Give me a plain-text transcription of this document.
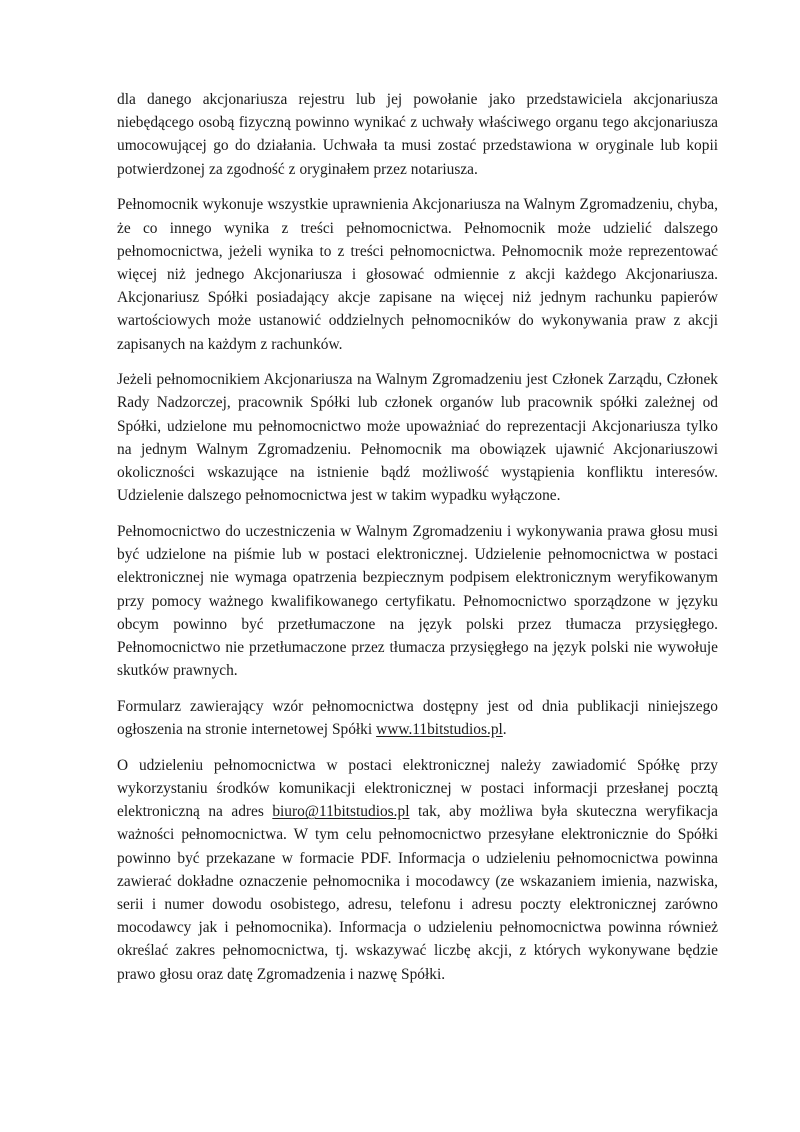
dla danego akcjonariusza rejestru lub jej powołanie jako przedstawiciela akcjonariusza niebędącego osobą fizyczną powinno wynikać z uchwały właściwego organu tego akcjonariusza umocowującej go do działania. Uchwała ta musi zostać przedstawiona w oryginale lub kopii potwierdzonej za zgodność z oryginałem przez notariusza.

Pełnomocnik wykonuje wszystkie uprawnienia Akcjonariusza na Walnym Zgromadzeniu, chyba, że co innego wynika z treści pełnomocnictwa. Pełnomocnik może udzielić dalszego pełnomocnictwa, jeżeli wynika to z treści pełnomocnictwa. Pełnomocnik może reprezentować więcej niż jednego Akcjonariusza i głosować odmiennie z akcji każdego Akcjonariusza. Akcjonariusz Spółki posiadający akcje zapisane na więcej niż jednym rachunku papierów wartościowych może ustanowić oddzielnych pełnomocników do wykonywania praw z akcji zapisanych na każdym z rachunków.

Jeżeli pełnomocnikiem Akcjonariusza na Walnym Zgromadzeniu jest Członek Zarządu, Członek Rady Nadzorczej, pracownik Spółki lub członek organów lub pracownik spółki zależnej od Spółki, udzielone mu pełnomocnictwo może upoważniać do reprezentacji Akcjonariusza tylko na jednym Walnym Zgromadzeniu. Pełnomocnik ma obowiązek ujawnić Akcjonariuszowi okoliczności wskazujące na istnienie bądź możliwość wystąpienia konfliktu interesów. Udzielenie dalszego pełnomocnictwa jest w takim wypadku wyłączone.

Pełnomocnictwo do uczestniczenia w Walnym Zgromadzeniu i wykonywania prawa głosu musi być udzielone na piśmie lub w postaci elektronicznej. Udzielenie pełnomocnictwa w postaci elektronicznej nie wymaga opatrzenia bezpiecznym podpisem elektronicznym weryfikowanym przy pomocy ważnego kwalifikowanego certyfikatu. Pełnomocnictwo sporządzone w języku obcym powinno być przetłumaczone na język polski przez tłumacza przysięgłego. Pełnomocnictwo nie przetłumaczone przez tłumacza przysięgłego na język polski nie wywołuje skutków prawnych.

Formularz zawierający wzór pełnomocnictwa dostępny jest od dnia publikacji niniejszego ogłoszenia na stronie internetowej Spółki www.11bitstudios.pl.

O udzieleniu pełnomocnictwa w postaci elektronicznej należy zawiadomić Spółkę przy wykorzystaniu środków komunikacji elektronicznej w postaci informacji przesłanej pocztą elektroniczną na adres biuro@11bitstudios.pl tak, aby możliwa była skuteczna weryfikacja ważności pełnomocnictwa. W tym celu pełnomocnictwo przesyłane elektronicznie do Spółki powinno być przekazane w formacie PDF. Informacja o udzieleniu pełnomocnictwa powinna zawierać dokładne oznaczenie pełnomocnika i mocodawcy (ze wskazaniem imienia, nazwiska, serii i numer dowodu osobistego, adresu, telefonu i adresu poczty elektronicznej zarówno mocodawcy jak i pełnomocnika). Informacja o udzieleniu pełnomocnictwa powinna również określać zakres pełnomocnictwa, tj. wskazywać liczbę akcji, z których wykonywane będzie prawo głosu oraz datę Zgromadzenia i nazwę Spółki.
